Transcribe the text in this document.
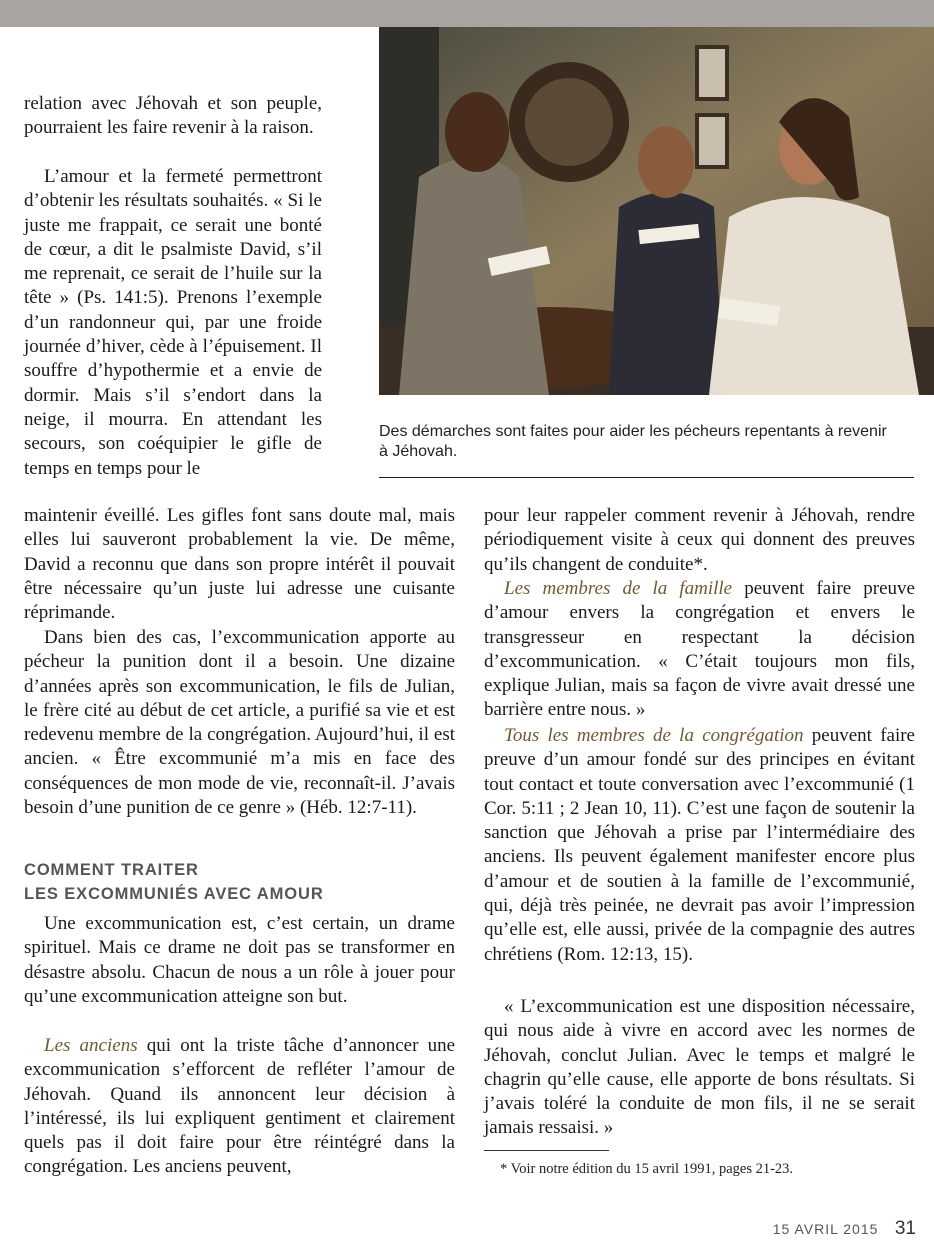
Des démarches sont faites pour aider les pécheurs repentants à revenir à Jéhovah.

relation avec Jéhovah et son peuple, pourraient les faire revenir à la raison.

L’amour et la fermeté permettront d’obtenir les résultats souhaités. « Si le juste me frappait, ce serait une bonté de cœur, a dit le psalmiste David, s’il me reprenait, ce serait de l’huile sur la tête » (Ps. 141:5). Prenons l’exemple d’un randonneur qui, par une froide journée d’hiver, cède à l’épuisement. Il souffre d’hypothermie et a envie de dormir. Mais s’il s’endort dans la neige, il mourra. En attendant les secours, son coéquipier le gifle de temps en temps pour le

maintenir éveillé. Les gifles font sans doute mal, mais elles lui sauveront probablement la vie. De même, David a reconnu que dans son propre intérêt il pouvait être nécessaire qu’un juste lui adresse une cuisante réprimande.

Dans bien des cas, l’excommunication apporte au pécheur la punition dont il a besoin. Une dizaine d’années après son excommunication, le fils de Julian, le frère cité au début de cet article, a purifié sa vie et est redevenu membre de la congrégation. Aujourd’hui, il est ancien. « Être excommunié m’a mis en face des conséquences de mon mode de vie, reconnaît-il. J’avais besoin d’une punition de ce genre » (Héb. 12:7-11).

COMMENT TRAITER
LES EXCOMMUNIÉS AVEC AMOUR

Une excommunication est, c’est certain, un drame spirituel. Mais ce drame ne doit pas se transformer en désastre absolu. Chacun de nous a un rôle à jouer pour qu’une excommunication atteigne son but.

Les anciens qui ont la triste tâche d’annoncer une excommunication s’efforcent de refléter l’amour de Jéhovah. Quand ils annoncent leur décision à l’intéressé, ils lui expliquent gentiment et clairement quels pas il doit faire pour être réintégré dans la congrégation. Les anciens peuvent,

pour leur rappeler comment revenir à Jéhovah, rendre périodiquement visite à ceux qui donnent des preuves qu’ils changent de conduite*.

Les membres de la famille peuvent faire preuve d’amour envers la congrégation et envers le transgresseur en respectant la décision d’excommunication. « C’était toujours mon fils, explique Julian, mais sa façon de vivre avait dressé une barrière entre nous. »

Tous les membres de la congrégation peuvent faire preuve d’un amour fondé sur des principes en évitant tout contact et toute conversation avec l’excommunié (1 Cor. 5:11 ; 2 Jean 10, 11). C’est une façon de soutenir la sanction que Jéhovah a prise par l’intermédiaire des anciens. Ils peuvent également manifester encore plus d’amour et de soutien à la famille de l’excommunié, qui, déjà très peinée, ne devrait pas avoir l’impression qu’elle est, elle aussi, privée de la compagnie des autres chrétiens (Rom. 12:13, 15).

« L’excommunication est une disposition nécessaire, qui nous aide à vivre en accord avec les normes de Jéhovah, conclut Julian. Avec le temps et malgré le chagrin qu’elle cause, elle apporte de bons résultats. Si j’avais toléré la conduite de mon fils, il ne se serait jamais ressaisi. »

* Voir notre édition du 15 avril 1991, pages 21-23.
15 AVRIL 2015 31
